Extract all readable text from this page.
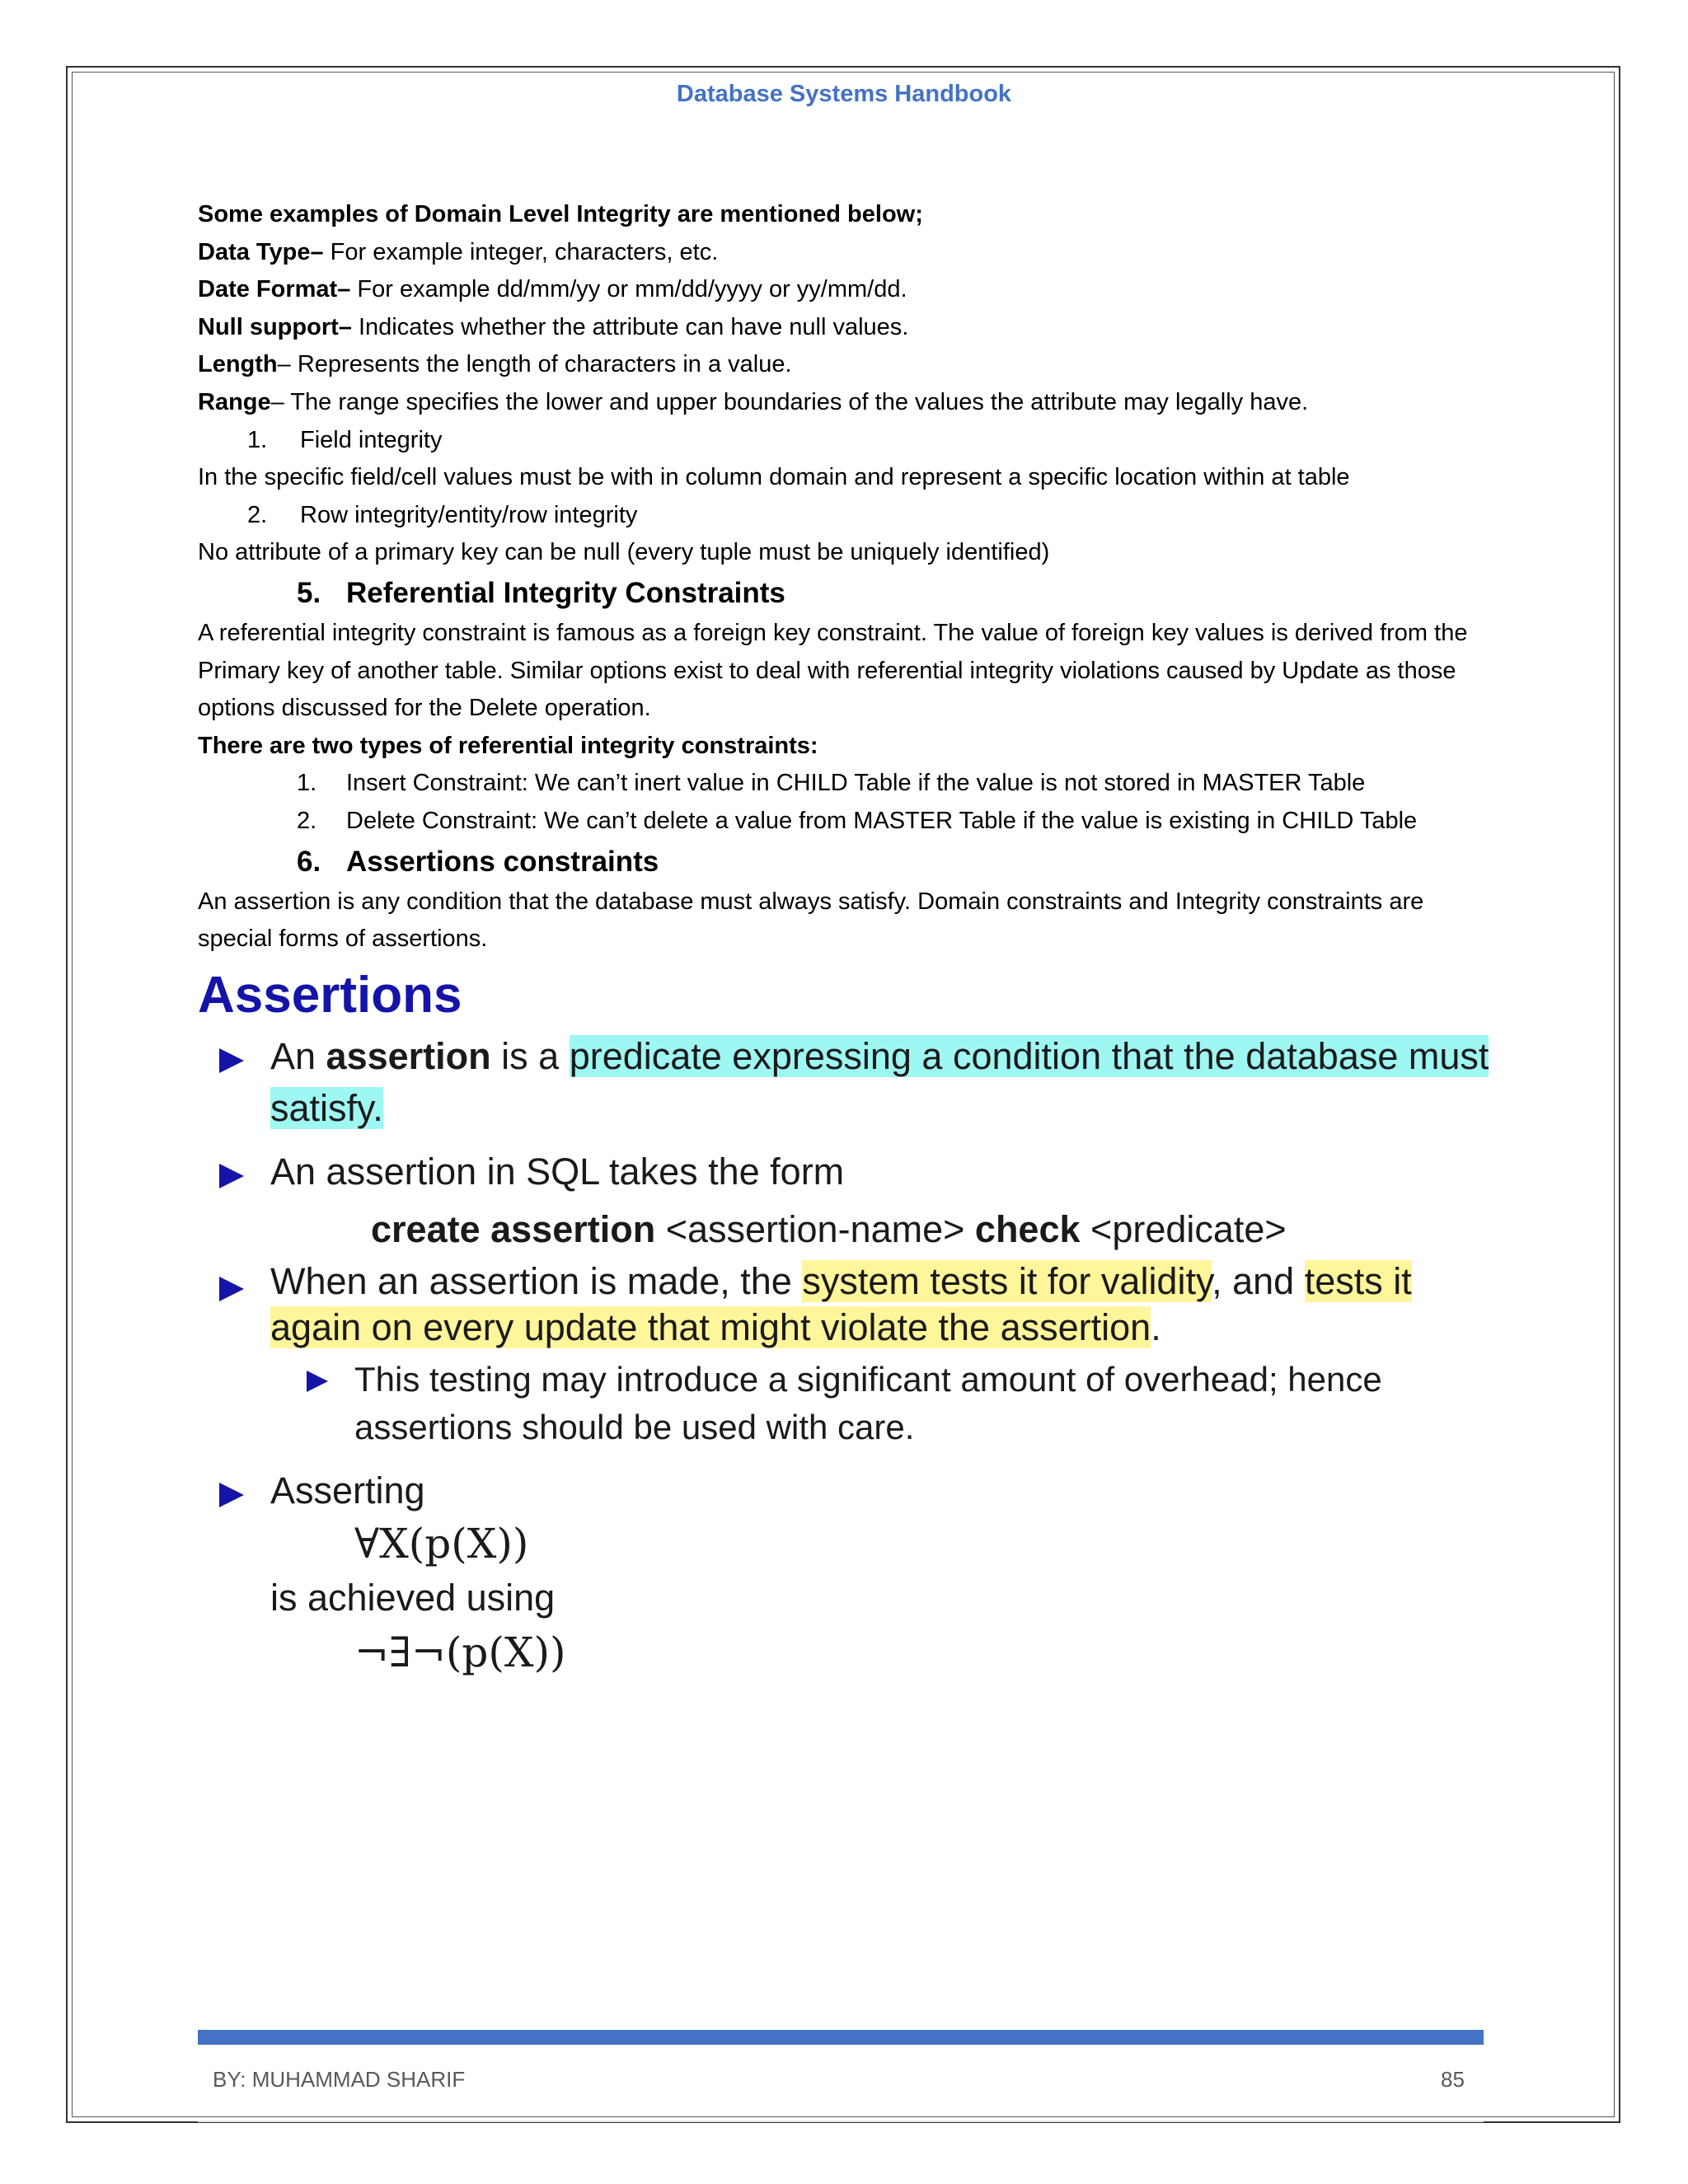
Database Systems Handbook
Some examples of Domain Level Integrity are mentioned below;
Data Type– For example integer, characters, etc.
Date Format– For example dd/mm/yy or mm/dd/yyyy or yy/mm/dd.
Null support– Indicates whether the attribute can have null values.
Length– Represents the length of characters in a value.
Range– The range specifies the lower and upper boundaries of the values the attribute may legally have.
1. Field integrity
In the specific field/cell values must be with in column domain and represent a specific location within at table
2. Row integrity/entity/row integrity
No attribute of a primary key can be null (every tuple must be uniquely identified)
5. Referential Integrity Constraints
A referential integrity constraint is famous as a foreign key constraint. The value of foreign key values is derived from the Primary key of another table. Similar options exist to deal with referential integrity violations caused by Update as those options discussed for the Delete operation.
There are two types of referential integrity constraints:
1. Insert Constraint: We can’t inert value in CHILD Table if the value is not stored in MASTER Table
2. Delete Constraint: We can’t delete a value from MASTER Table if the value is existing in CHILD Table
6. Assertions constraints
An assertion is any condition that the database must always satisfy. Domain constraints and Integrity constraints are special forms of assertions.
Assertions
An assertion is a predicate expressing a condition that the database must satisfy.
An assertion in SQL takes the form
create assertion <assertion-name> check <predicate>
When an assertion is made, the system tests it for validity, and tests it again on every update that might violate the assertion.
This testing may introduce a significant amount of overhead; hence assertions should be used with care.
Asserting
∀X(p(X))
is achieved using
¬∃¬(p(X))
BY: MUHAMMAD SHARIF	85
